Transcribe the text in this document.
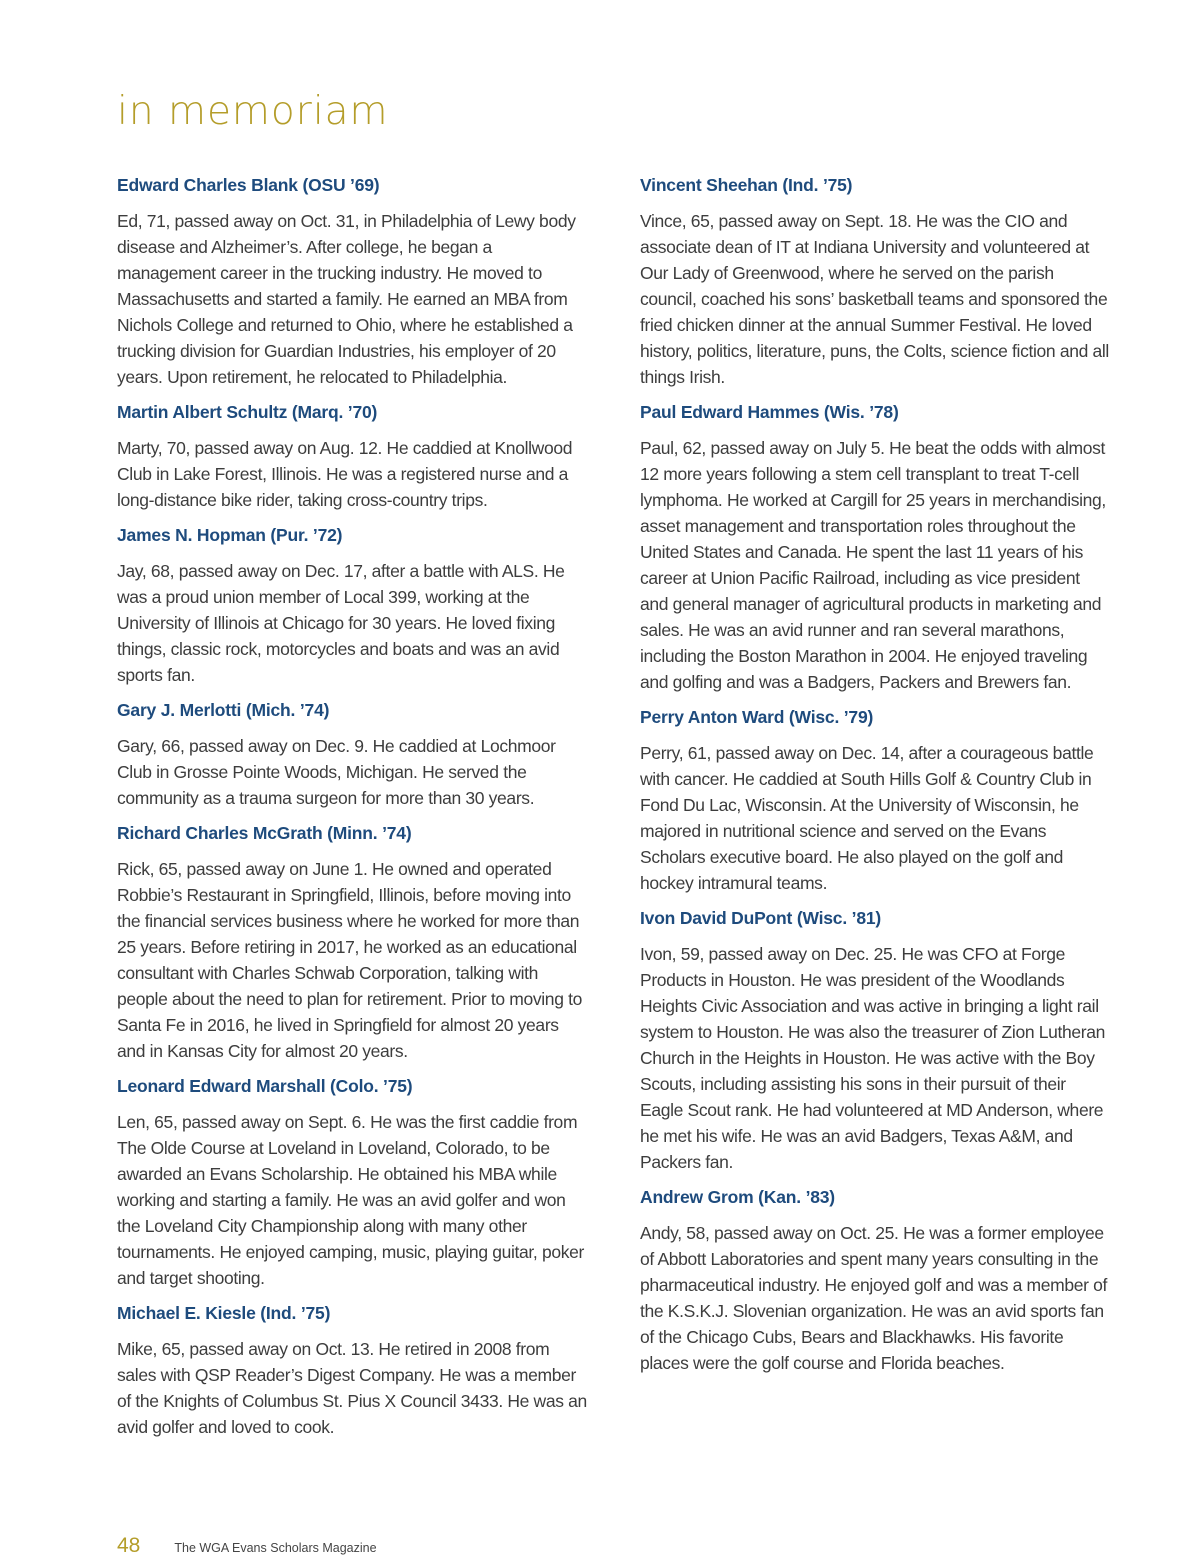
in memoriam

Edward Charles Blank (OSU ’69)

Ed, 71, passed away on Oct. 31, in Philadelphia of Lewy body disease and Alzheimer’s. After college, he began a management career in the trucking industry. He moved to Massachusetts and started a family. He earned an MBA from Nichols College and returned to Ohio, where he established a trucking division for Guardian Industries, his employer of 20 years. Upon retirement, he relocated to Philadelphia.

Martin Albert Schultz (Marq. ’70)

Marty, 70, passed away on Aug. 12. He caddied at Knollwood Club in Lake Forest, Illinois. He was a registered nurse and a long-distance bike rider, taking cross-country trips.

James N. Hopman (Pur. ’72)

Jay, 68, passed away on Dec. 17, after a battle with ALS. He was a proud union member of Local 399, working at the University of Illinois at Chicago for 30 years. He loved fixing things, classic rock, motorcycles and boats and was an avid sports fan.

Gary J. Merlotti (Mich. ’74)

Gary, 66, passed away on Dec. 9. He caddied at Lochmoor Club in Grosse Pointe Woods, Michigan. He served the community as a trauma surgeon for more than 30 years.

Richard Charles McGrath (Minn. ’74)

Rick, 65, passed away on June 1. He owned and operated Robbie’s Restaurant in Springfield, Illinois, before moving into the financial services business where he worked for more than 25 years. Before retiring in 2017, he worked as an educational consultant with Charles Schwab Corporation, talking with people about the need to plan for retirement. Prior to moving to Santa Fe in 2016, he lived in Springfield for almost 20 years and in Kansas City for almost 20 years.

Leonard Edward Marshall (Colo. ’75)

Len, 65, passed away on Sept. 6. He was the first caddie from The Olde Course at Loveland in Loveland, Colorado, to be awarded an Evans Scholarship. He obtained his MBA while working and starting a family. He was an avid golfer and won the Loveland City Championship along with many other tournaments. He enjoyed camping, music, playing guitar, poker and target shooting.

Michael E. Kiesle (Ind. ’75)

Mike, 65, passed away on Oct. 13. He retired in 2008 from sales with QSP Reader’s Digest Company. He was a member of the Knights of Columbus St. Pius X Council 3433. He was an avid golfer and loved to cook.

Vincent Sheehan (Ind. ’75)

Vince, 65, passed away on Sept. 18. He was the CIO and associate dean of IT at Indiana University and volunteered at Our Lady of Greenwood, where he served on the parish council, coached his sons’ basketball teams and sponsored the fried chicken dinner at the annual Summer Festival. He loved history, politics, literature, puns, the Colts, science fiction and all things Irish.

Paul Edward Hammes (Wis. ’78)

Paul, 62, passed away on July 5. He beat the odds with almost 12 more years following a stem cell transplant to treat T-cell lymphoma. He worked at Cargill for 25 years in merchandising, asset management and transportation roles throughout the United States and Canada. He spent the last 11 years of his career at Union Pacific Railroad, including as vice president and general manager of agricultural products in marketing and sales. He was an avid runner and ran several marathons, including the Boston Marathon in 2004. He enjoyed traveling and golfing and was a Badgers, Packers and Brewers fan.

Perry Anton Ward (Wisc. ’79)

Perry, 61, passed away on Dec. 14, after a courageous battle with cancer. He caddied at South Hills Golf & Country Club in Fond Du Lac, Wisconsin. At the University of Wisconsin, he majored in nutritional science and served on the Evans Scholars executive board. He also played on the golf and hockey intramural teams.

Ivon David DuPont (Wisc. ’81)

Ivon, 59, passed away on Dec. 25. He was CFO at Forge Products in Houston. He was president of the Woodlands Heights Civic Association and was active in bringing a light rail system to Houston. He was also the treasurer of Zion Lutheran Church in the Heights in Houston. He was active with the Boy Scouts, including assisting his sons in their pursuit of their Eagle Scout rank. He had volunteered at MD Anderson, where he met his wife. He was an avid Badgers, Texas A&M, and Packers fan.

Andrew Grom (Kan. ’83)

Andy, 58, passed away on Oct. 25. He was a former employee of Abbott Laboratories and spent many years consulting in the pharmaceutical industry. He enjoyed golf and was a member of the K.S.K.J. Slovenian organization. He was an avid sports fan of the Chicago Cubs, Bears and Blackhawks. His favorite places were the golf course and Florida beaches.

48	The WGA Evans Scholars Magazine
